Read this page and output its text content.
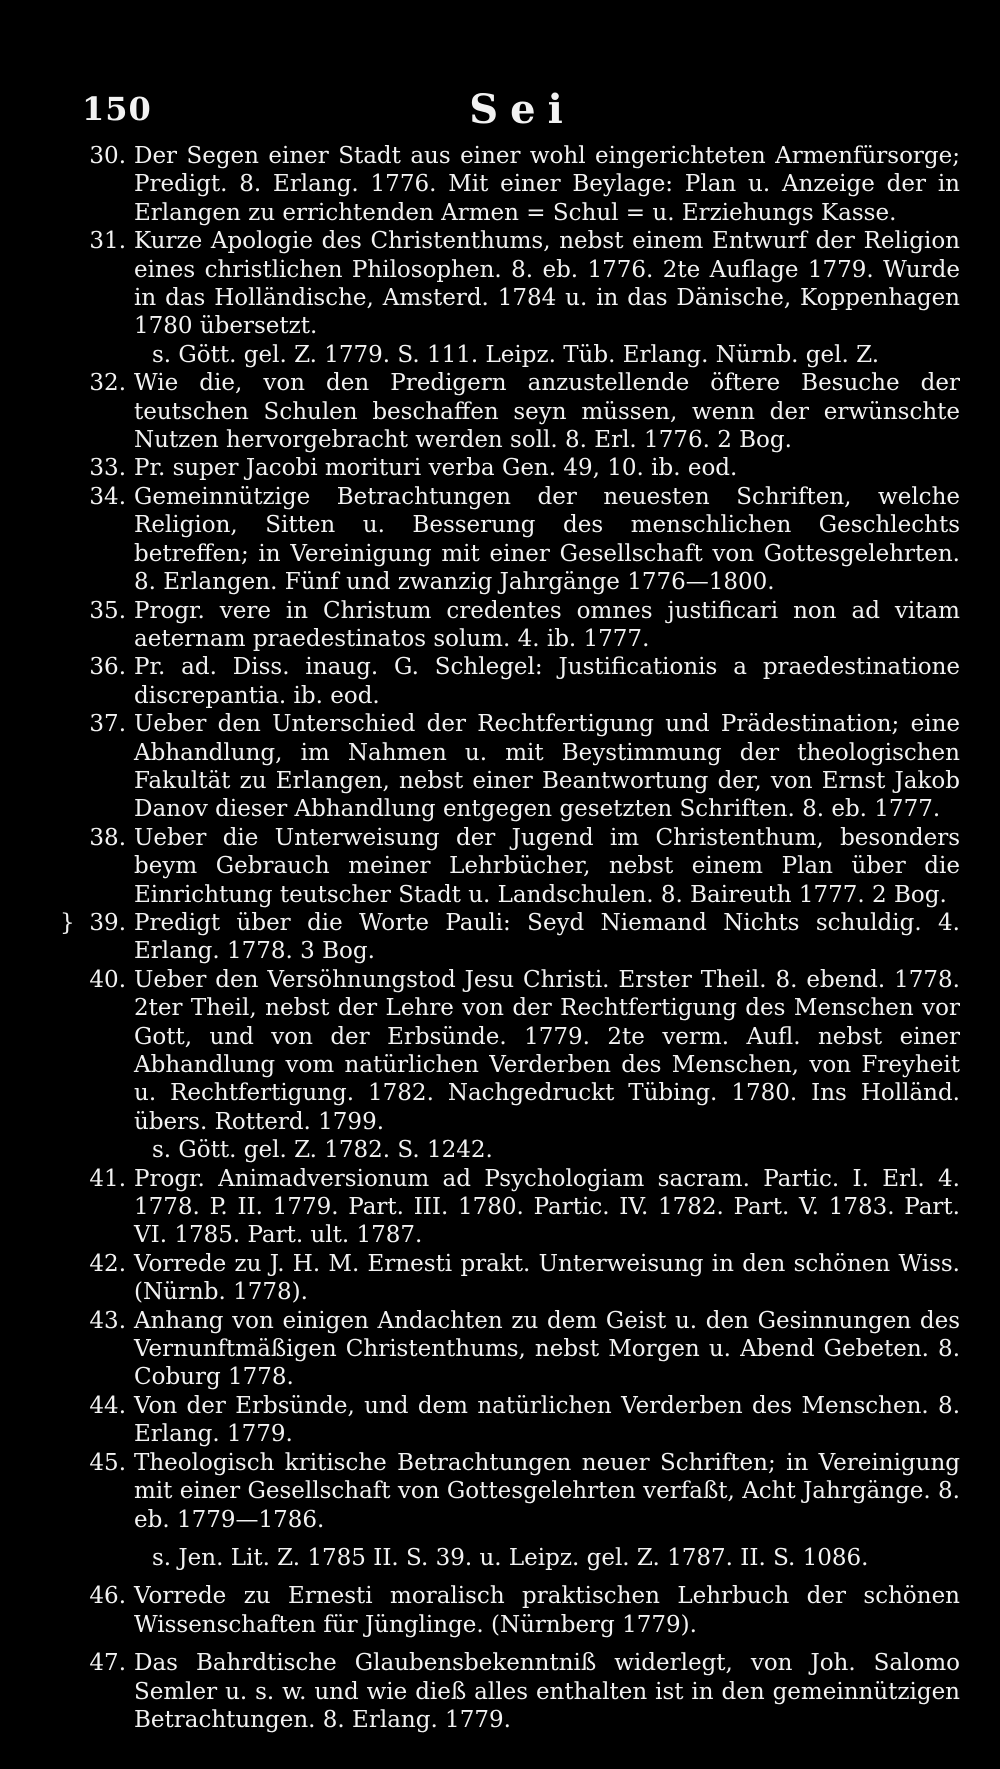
150	Sei
30. Der Segen einer Stadt aus einer wohl eingerichteten Armenfürsorge; Predigt. 8. Erlang. 1776. Mit einer Beylage: Plan u. Anzeige der in Erlangen zu errichtenden Armen = Schul = u. Erziehungs Kasse.

31. Kurze Apologie des Christenthums, nebst einem Entwurf der Religion eines christlichen Philosophen. 8. eb. 1776. 2te Auflage 1779. Wurde in das Holländische, Amsterd. 1784 u. in das Dänische, Koppenhagen 1780 übersetzt.

s. Gött. gel. Z. 1779. S. 111. Leipz. Tüb. Erlang. Nürnb. gel. Z.

32. Wie die, von den Predigern anzustellende öftere Besuche der teutschen Schulen beschaffen seyn müssen, wenn der erwünschte Nutzen hervorgebracht werden soll. 8. Erl. 1776. 2 Bog.

33. Pr. super Jacobi morituri verba Gen. 49, 10. ib. eod.

34. Gemeinnützige Betrachtungen der neuesten Schriften, welche Religion, Sitten u. Besserung des menschlichen Geschlechts betreffen; in Vereinigung mit einer Gesellschaft von Gottesgelehrten. 8. Erlangen. Fünf und zwanzig Jahrgänge 1776—1800.

35. Progr. vere in Christum credentes omnes justificari non ad vitam aeternam praedestinatos solum. 4. ib. 1777.

36. Pr. ad. Diss. inaug. G. Schlegel: Justificationis a praedestinatione discrepantia. ib. eod.

37. Ueber den Unterschied der Rechtfertigung und Prädestination; eine Abhandlung, im Nahmen u. mit Beystimmung der theologischen Fakultät zu Erlangen, nebst einer Beantwortung der, von Ernst Jakob Danov dieser Abhandlung entgegen gesetzten Schriften. 8. eb. 1777.

38. Ueber die Unterweisung der Jugend im Christenthum, besonders beym Gebrauch meiner Lehrbücher, nebst einem Plan über die Einrichtung teutscher Stadt u. Landschulen. 8. Baireuth 1777. 2 Bog.

} 39. Predigt über die Worte Pauli: Seyd Niemand Nichts schuldig. 4. Erlang. 1778. 3 Bog.

40. Ueber den Versöhnungstod Jesu Christi. Erster Theil. 8. ebend. 1778. 2ter Theil, nebst der Lehre von der Rechtfertigung des Menschen vor Gott, und von der Erbsünde. 1779. 2te verm. Aufl. nebst einer Abhandlung vom natürlichen Verderben des Menschen, von Freyheit u. Rechtfertigung. 1782. Nachgedruckt Tübing. 1780. Ins Holländ. übers. Rotterd. 1799.

s. Gött. gel. Z. 1782. S. 1242.

41. Progr. Animadversionum ad Psychologiam sacram. Partic. I. Erl. 4. 1778. P. II. 1779. Part. III. 1780. Partic. IV. 1782. Part. V. 1783. Part. VI. 1785. Part. ult. 1787.

42. Vorrede zu J. H. M. Ernesti prakt. Unterweisung in den schönen Wiss. (Nürnb. 1778).

43. Anhang von einigen Andachten zu dem Geist u. den Gesinnungen des Vernunftmäßigen Christenthums, nebst Morgen u. Abend Gebeten. 8. Coburg 1778.

44. Von der Erbsünde, und dem natürlichen Verderben des Menschen. 8. Erlang. 1779.

45. Theologisch kritische Betrachtungen neuer Schriften; in Vereinigung mit einer Gesellschaft von Gottesgelehrten verfaßt, Acht Jahrgänge. 8. eb. 1779—1786.

s. Jen. Lit. Z. 1785 II. S. 39. u. Leipz. gel. Z. 1787. II. S. 1086.

46. Vorrede zu Ernesti moralisch praktischen Lehrbuch der schönen Wissenschaften für Jünglinge. (Nürnberg 1779).

47. Das Bahrdtische Glaubensbekenntniß widerlegt, von Joh. Salomo Semler u. s. w. und wie dieß alles enthalten ist in den gemeinnützigen Betrachtungen. 8. Erlang. 1779.
